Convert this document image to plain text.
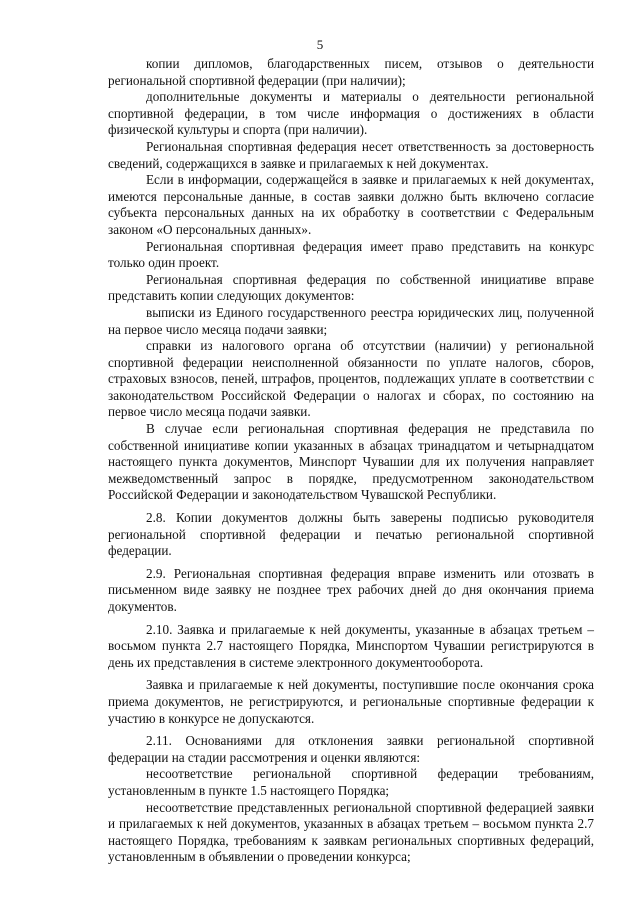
5

копии дипломов, благодарственных писем, отзывов о деятельности региональной спортивной федерации (при наличии);

дополнительные документы и материалы о деятельности региональной спортивной федерации, в том числе информация о достижениях в области физической культуры и спорта (при наличии).

Региональная спортивная федерация несет ответственность за достоверность сведений, содержащихся в заявке и прилагаемых к ней документах.

Если в информации, содержащейся в заявке и прилагаемых к ней документах, имеются персональные данные, в состав заявки должно быть включено согласие субъекта персональных данных на их обработку в соответствии с Федеральным законом «О персональных данных».

Региональная спортивная федерация имеет право представить на конкурс только один проект.

Региональная спортивная федерация по собственной инициативе вправе представить копии следующих документов:

выписки из Единого государственного реестра юридических лиц, полученной на первое число месяца подачи заявки;

справки из налогового органа об отсутствии (наличии) у региональной спортивной федерации неисполненной обязанности по уплате налогов, сборов, страховых взносов, пеней, штрафов, процентов, подлежащих уплате в соответствии с законодательством Российской Федерации о налогах и сборах, по состоянию на первое число месяца подачи заявки.

В случае если региональная спортивная федерация не представила по собственной инициативе копии указанных в абзацах тринадцатом и четырнадцатом настоящего пункта документов, Минспорт Чувашии для их получения направляет межведомственный запрос в порядке, предусмотренном законодательством Российской Федерации и законодательством Чувашской Республики.

2.8. Копии документов должны быть заверены подписью руководителя региональной спортивной федерации и печатью региональной спортивной федерации.

2.9. Региональная спортивная федерация вправе изменить или отозвать в письменном виде заявку не позднее трех рабочих дней до дня окончания приема документов.

2.10. Заявка и прилагаемые к ней документы, указанные в абзацах третьем – восьмом пункта 2.7 настоящего Порядка, Минспортом Чувашии регистрируются в день их представления в системе электронного документооборота.

Заявка и прилагаемые к ней документы, поступившие после окончания срока приема документов, не регистрируются, и региональные спортивные федерации к участию в конкурсе не допускаются.

2.11. Основаниями для отклонения заявки региональной спортивной федерации на стадии рассмотрения и оценки являются:

несоответствие региональной спортивной федерации требованиям, установленным в пункте 1.5 настоящего Порядка;

несоответствие представленных региональной спортивной федерацией заявки и прилагаемых к ней документов, указанных в абзацах третьем – восьмом пункта 2.7 настоящего Порядка, требованиям к заявкам региональных спортивных федераций, установленным в объявлении о проведении конкурса;
